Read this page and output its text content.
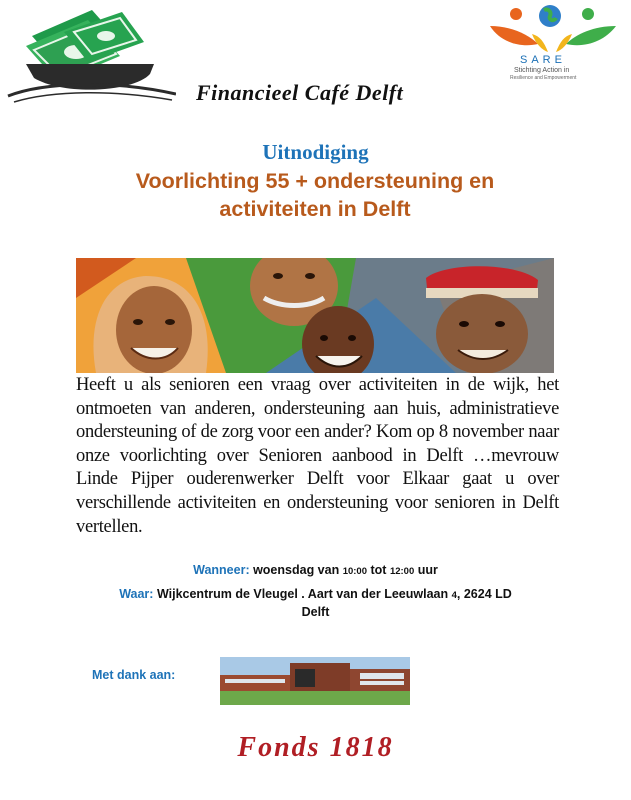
SARE
Stichting Action in
Resilience and Empowerment
Financieel Café Delft
Uitnodiging
Voorlichting 55 + ondersteuning en
activiteiten in Delft
Heeft u als senioren een vraag over activiteiten in de wijk, het ontmoeten van anderen, ondersteuning aan huis, administratieve ondersteuning of de zorg voor een ander? Kom op 8 november naar onze voorlichting over Senioren aanbood in Delft …mevrouw Linde Pijper ouderenwerker Delft voor Elkaar gaat u over verschillende activiteiten en ondersteuning voor senioren in Delft vertellen.
Wanneer: woensdag van 10:00 tot 12:00 uur
Waar: Wijkcentrum de Vleugel . Aart van der Leeuwlaan 4, 2624 LD
Delft
Met dank aan:
Fonds 1818
